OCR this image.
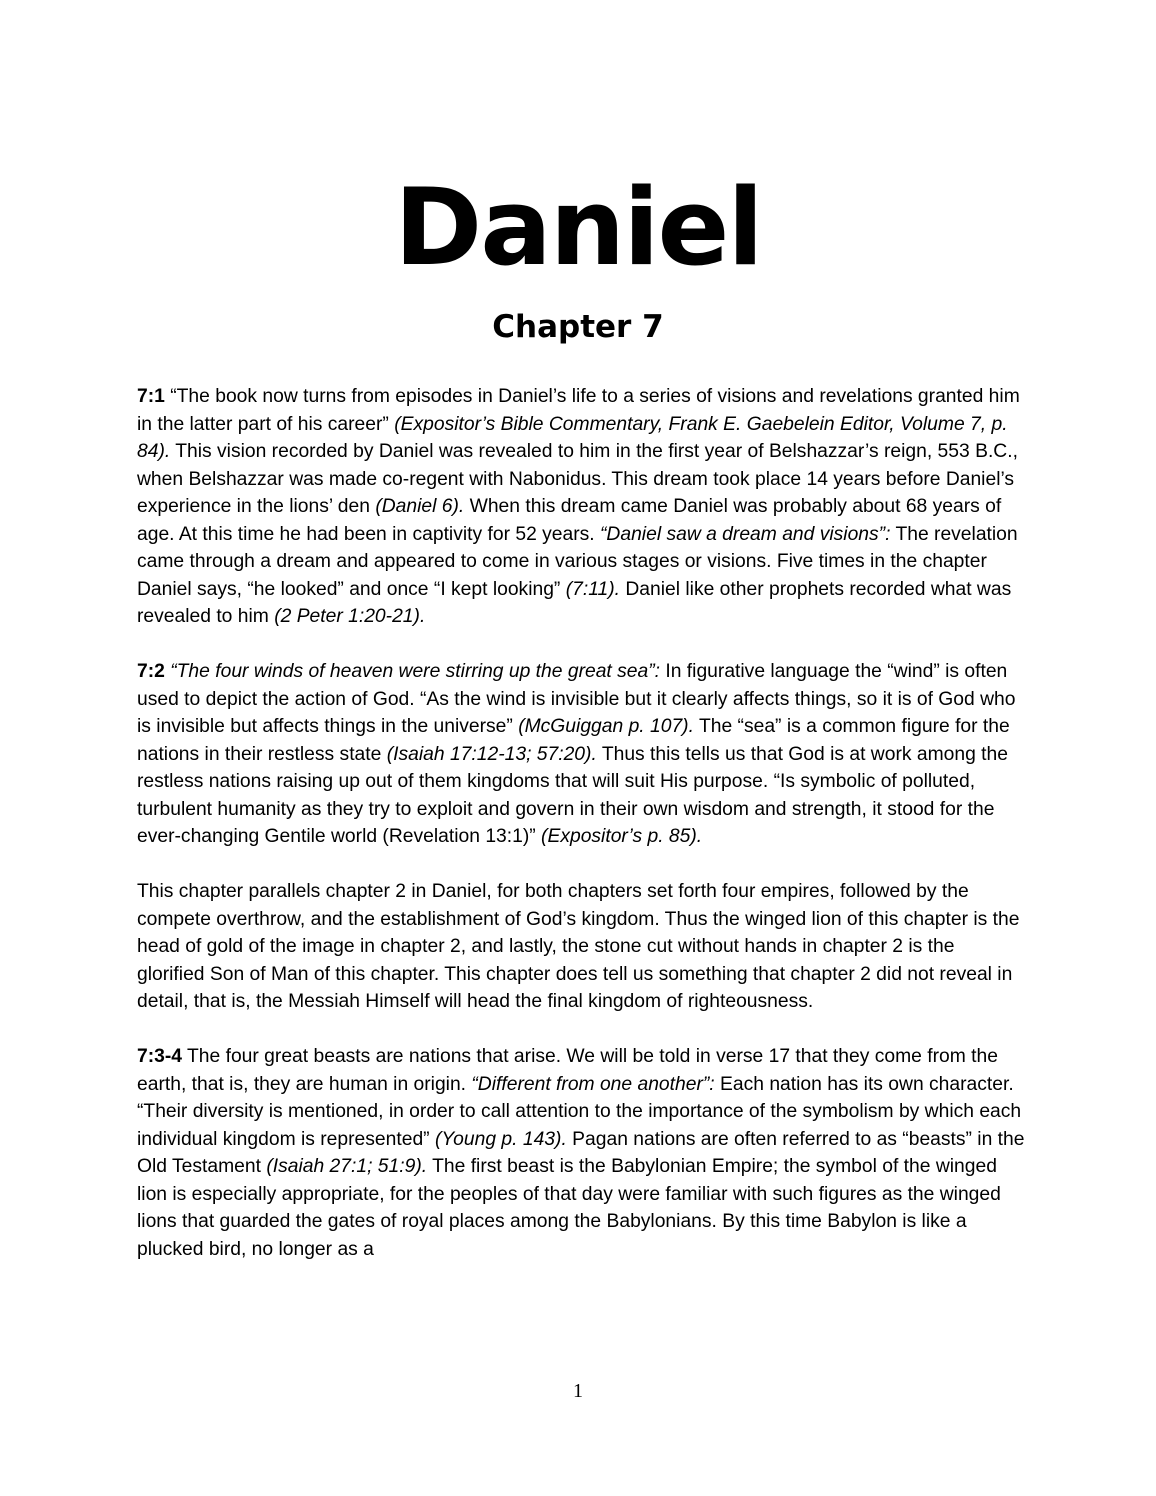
Daniel
Chapter 7

7:1 “The book now turns from episodes in Daniel’s life to a series of visions and revelations granted him in the latter part of his career” (Expositor’s Bible Commentary, Frank E. Gaebelein Editor, Volume 7, p. 84). This vision recorded by Daniel was revealed to him in the first year of Belshazzar’s reign, 553 B.C., when Belshazzar was made co-regent with Nabonidus. This dream took place 14 years before Daniel’s experience in the lions’ den (Daniel 6). When this dream came Daniel was probably about 68 years of age. At this time he had been in captivity for 52 years. “Daniel saw a dream and visions”: The revelation came through a dream and appeared to come in various stages or visions. Five times in the chapter Daniel says, “he looked” and once “I kept looking” (7:11). Daniel like other prophets recorded what was revealed to him (2 Peter 1:20-21).

7:2 “The four winds of heaven were stirring up the great sea”: In figurative language the “wind” is often used to depict the action of God. “As the wind is invisible but it clearly affects things, so it is of God who is invisible but affects things in the universe” (McGuiggan p. 107). The “sea” is a common figure for the nations in their restless state (Isaiah 17:12-13; 57:20). Thus this tells us that God is at work among the restless nations raising up out of them kingdoms that will suit His purpose. “Is symbolic of polluted, turbulent humanity as they try to exploit and govern in their own wisdom and strength, it stood for the ever-changing Gentile world (Revelation 13:1)” (Expositor’s p. 85).

This chapter parallels chapter 2 in Daniel, for both chapters set forth four empires, followed by the compete overthrow, and the establishment of God’s kingdom. Thus the winged lion of this chapter is the head of gold of the image in chapter 2, and lastly, the stone cut without hands in chapter 2 is the glorified Son of Man of this chapter. This chapter does tell us something that chapter 2 did not reveal in detail, that is, the Messiah Himself will head the final kingdom of righteousness.

7:3-4 The four great beasts are nations that arise. We will be told in verse 17 that they come from the earth, that is, they are human in origin. “Different from one another”: Each nation has its own character. “Their diversity is mentioned, in order to call attention to the importance of the symbolism by which each individual kingdom is represented” (Young p. 143). Pagan nations are often referred to as “beasts” in the Old Testament (Isaiah 27:1; 51:9). The first beast is the Babylonian Empire; the symbol of the winged lion is especially appropriate, for the peoples of that day were familiar with such figures as the winged lions that guarded the gates of royal places among the Babylonians. By this time Babylon is like a plucked bird, no longer as a

1
